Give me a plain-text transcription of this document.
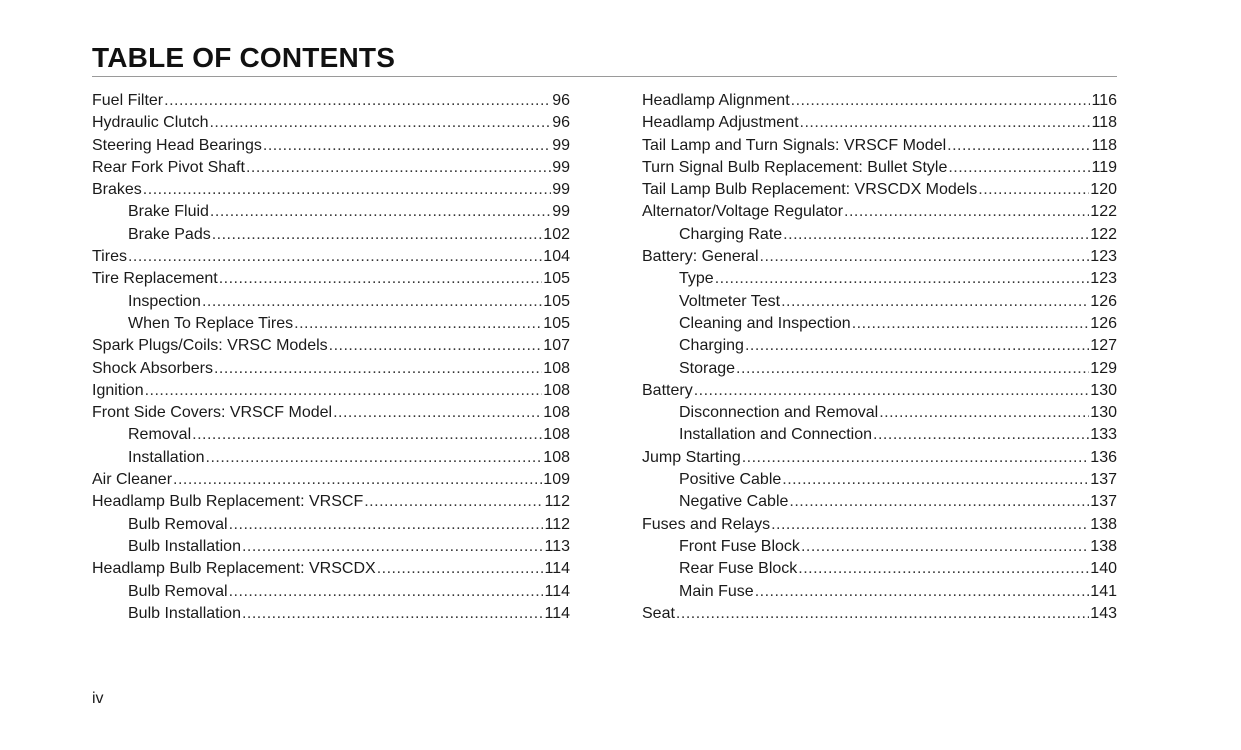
TABLE OF CONTENTS
Fuel Filter .....	96
Hydraulic Clutch .....	96
Steering Head Bearings .....	99
Rear Fork Pivot Shaft .....	99
Brakes .....	99
Brake Fluid .....	99
Brake Pads .....	102
Tires .....	104
Tire Replacement .....	105
Inspection .....	105
When To Replace Tires .....	105
Spark Plugs/Coils: VRSC Models .....	107
Shock Absorbers .....	108
Ignition .....	108
Front Side Covers: VRSCF Model .....	108
Removal .....	108
Installation .....	108
Air Cleaner .....	109
Headlamp Bulb Replacement: VRSCF .....	112
Bulb Removal .....	112
Bulb Installation .....	113
Headlamp Bulb Replacement: VRSCDX .....	114
Bulb Removal .....	114
Bulb Installation .....	114
Headlamp Alignment .....	116
Headlamp Adjustment .....	118
Tail Lamp and Turn Signals: VRSCF Model .....	118
Turn Signal Bulb Replacement: Bullet Style .....	119
Tail Lamp Bulb Replacement: VRSCDX Models .....	120
Alternator/Voltage Regulator .....	122
Charging Rate .....	122
Battery: General .....	123
Type .....	123
Voltmeter Test .....	126
Cleaning and Inspection .....	126
Charging .....	127
Storage .....	129
Battery .....	130
Disconnection and Removal .....	130
Installation and Connection .....	133
Jump Starting .....	136
Positive Cable .....	137
Negative Cable .....	137
Fuses and Relays .....	138
Front Fuse Block .....	138
Rear Fuse Block .....	140
Main Fuse .....	141
Seat .....	143
iv
